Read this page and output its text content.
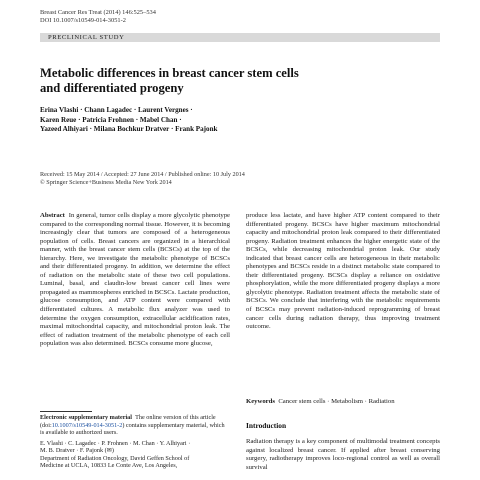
Breast Cancer Res Treat (2014) 146:525–534
DOI 10.1007/s10549-014-3051-2
PRECLINICAL STUDY
Metabolic differences in breast cancer stem cells
and differentiated progeny
Erina Vlashi · Chann Lagadec · Laurent Vergnes ·
Karen Reue · Patricia Frohnen · Mabel Chan ·
Yazeed Alhiyari · Milana Bochkur Dratver · Frank Pajonk
Received: 15 May 2014 / Accepted: 27 June 2014 / Published online: 10 July 2014
© Springer Science+Business Media New York 2014
Abstract In general, tumor cells display a more glycolytic phenotype compared to the corresponding normal tissue. However, it is becoming increasingly clear that tumors are composed of a heterogeneous population of cells. Breast cancers are organized in a hierarchical manner, with the breast cancer stem cells (BCSCs) at the top of the hierarchy. Here, we investigate the metabolic phenotype of BCSCs and their differentiated progeny. In addition, we determine the effect of radiation on the metabolic state of these two cell populations. Luminal, basal, and claudin-low breast cancer cell lines were propagated as mammospheres enriched in BCSCs. Lactate production, glucose consumption, and ATP content were compared with differentiated cultures. A metabolic flux analyzer was used to determine the oxygen consumption, extracellular acidification rates, maximal mitochondrial capacity, and mitochondrial proton leak. The effect of radiation treatment of the metabolic phenotype of each cell population was also determined. BCSCs consume more glucose,
produce less lactate, and have higher ATP content compared to their differentiated progeny. BCSCs have higher maximum mitochondrial capacity and mitochondrial proton leak compared to their differentiated progeny. Radiation treatment enhances the higher energetic state of the BCSCs, while decreasing mitochondrial proton leak. Our study indicated that breast cancer cells are heterogeneous in their metabolic phenotypes and BCSCs reside in a distinct metabolic state compared to their differentiated progeny. BCSCs display a reliance on oxidative phosphorylation, while the more differentiated progeny displays a more glycolytic phenotype. Radiation treatment affects the metabolic state of BCSCs. We conclude that interfering with the metabolic requirements of BCSCs may prevent radiation-induced reprogramming of breast cancer cells during radiation therapy, thus improving treatment outcome.
Keywords Cancer stem cells · Metabolism · Radiation
Electronic supplementary material The online version of this article (doi:10.1007/s10549-014-3051-2) contains supplementary material, which is available to authorized users.
E. Vlashi · C. Lagadec · P. Frohnen · M. Chan · Y. Alhiyari ·
M. B. Dratver · F. Pajonk (✉)
Department of Radiation Oncology, David Geffen School of
Medicine at UCLA, 10833 Le Conte Ave, Los Angeles,
Introduction
Radiation therapy is a key component of multimodal treatment concepts against localized breast cancer. If applied after breast conserving surgery, radiotherapy improves loco-regional control as well as overall survival
